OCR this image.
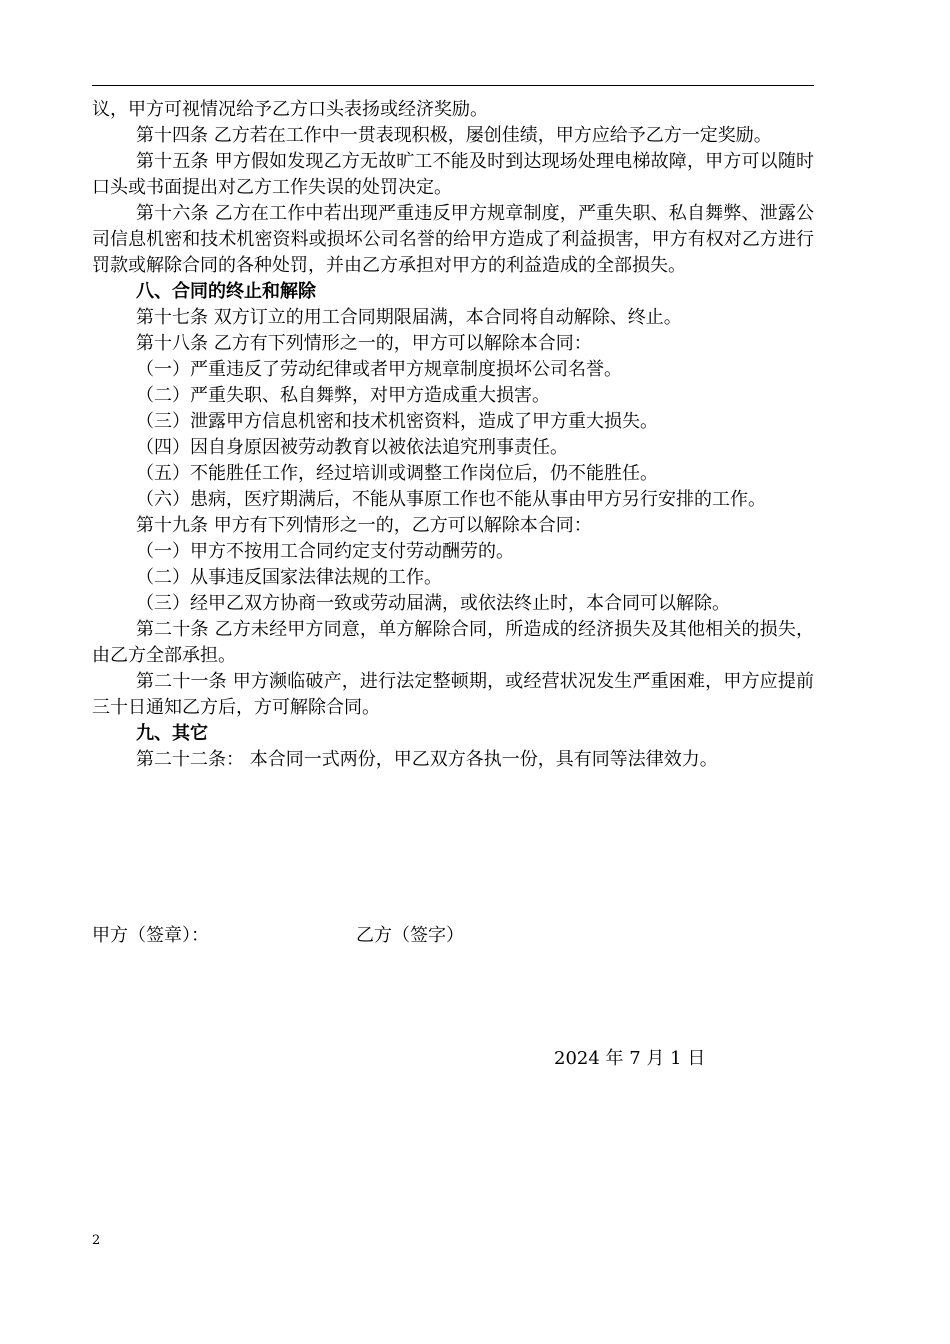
议，甲方可视情况给予乙方口头表扬或经济奖励。

第十四条 乙方若在工作中一贯表现积极，屡创佳绩，甲方应给予乙方一定奖励。

第十五条 甲方假如发现乙方无故旷工不能及时到达现场处理电梯故障，甲方可以随时口头或书面提出对乙方工作失误的处罚决定。

第十六条 乙方在工作中若出现严重违反甲方规章制度，严重失职、私自舞弊、泄露公司信息机密和技术机密资料或损坏公司名誉的给甲方造成了利益损害，甲方有权对乙方进行罚款或解除合同的各种处罚，并由乙方承担对甲方的利益造成的全部损失。

八、合同的终止和解除

第十七条 双方订立的用工合同期限届满，本合同将自动解除、终止。

第十八条 乙方有下列情形之一的，甲方可以解除本合同：

（一）严重违反了劳动纪律或者甲方规章制度损坏公司名誉。

（二）严重失职、私自舞弊，对甲方造成重大损害。

（三）泄露甲方信息机密和技术机密资料，造成了甲方重大损失。

（四）因自身原因被劳动教育以被依法追究刑事责任。

（五）不能胜任工作，经过培训或调整工作岗位后，仍不能胜任。

（六）患病，医疗期满后，不能从事原工作也不能从事由甲方另行安排的工作。

第十九条 甲方有下列情形之一的，乙方可以解除本合同：

（一）甲方不按用工合同约定支付劳动酬劳的。

（二）从事违反国家法律法规的工作。

（三）经甲乙双方协商一致或劳动届满，或依法终止时，本合同可以解除。

第二十条 乙方未经甲方同意，单方解除合同，所造成的经济损失及其他相关的损失，由乙方全部承担。

第二十一条 甲方濒临破产，进行法定整顿期，或经营状况发生严重困难，甲方应提前三十日通知乙方后，方可解除合同。

九、其它

第二十二条： 本合同一式两份，甲乙双方各执一份，具有同等法律效力。

甲方（签章）：	乙方（签字）
2024 年 7 月 1 日
2
